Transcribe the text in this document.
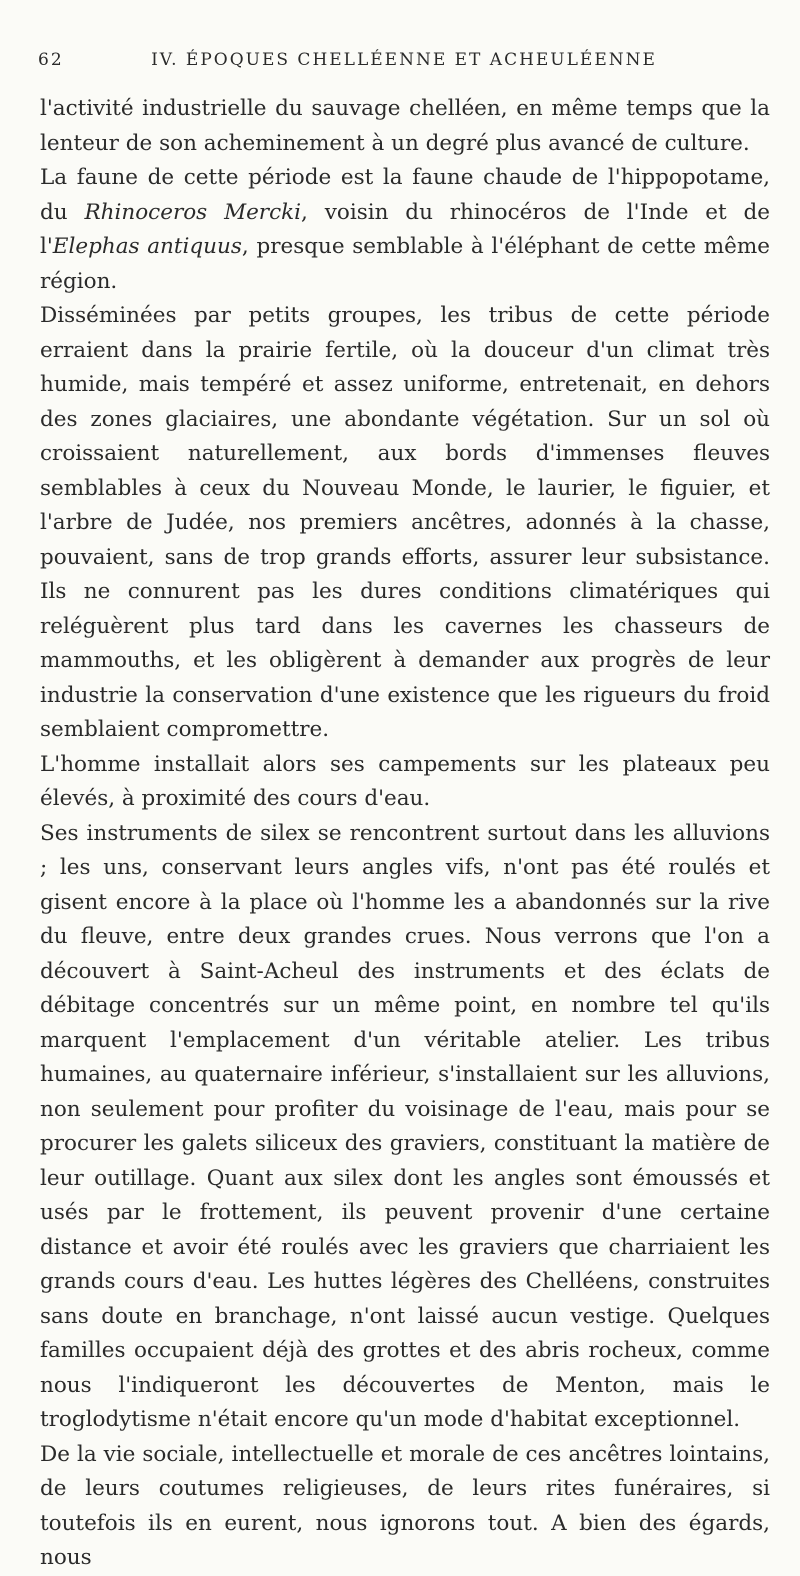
62	IV. ÉPOQUES CHELLÉENNE ET ACHEULÉENNE

l'activité industrielle du sauvage chelléen, en même temps que la lenteur de son acheminement à un degré plus avancé de culture.

La faune de cette période est la faune chaude de l'hippopotame, du Rhinoceros Mercki, voisin du rhinocéros de l'Inde et de l'Elephas antiquus, presque semblable à l'éléphant de cette même région.

Disséminées par petits groupes, les tribus de cette période erraient dans la prairie fertile, où la douceur d'un climat très humide, mais tempéré et assez uniforme, entretenait, en dehors des zones glaciaires, une abondante végétation. Sur un sol où croissaient naturellement, aux bords d'immenses fleuves semblables à ceux du Nouveau Monde, le laurier, le figuier, et l'arbre de Judée, nos premiers ancêtres, adonnés à la chasse, pouvaient, sans de trop grands efforts, assurer leur subsistance. Ils ne connurent pas les dures conditions climatériques qui reléguèrent plus tard dans les cavernes les chasseurs de mammouths, et les obligèrent à demander aux progrès de leur industrie la conservation d'une existence que les rigueurs du froid semblaient compromettre.

L'homme installait alors ses campements sur les plateaux peu élevés, à proximité des cours d'eau.

Ses instruments de silex se rencontrent surtout dans les alluvions ; les uns, conservant leurs angles vifs, n'ont pas été roulés et gisent encore à la place où l'homme les a abandonnés sur la rive du fleuve, entre deux grandes crues. Nous verrons que l'on a découvert à Saint-Acheul des instruments et des éclats de débitage concentrés sur un même point, en nombre tel qu'ils marquent l'emplacement d'un véritable atelier. Les tribus humaines, au quaternaire inférieur, s'installaient sur les alluvions, non seulement pour profiter du voisinage de l'eau, mais pour se procurer les galets siliceux des graviers, constituant la matière de leur outillage. Quant aux silex dont les angles sont émoussés et usés par le frottement, ils peuvent provenir d'une certaine distance et avoir été roulés avec les graviers que charriaient les grands cours d'eau. Les huttes légères des Chelléens, construites sans doute en branchage, n'ont laissé aucun vestige. Quelques familles occupaient déjà des grottes et des abris rocheux, comme nous l'indiqueront les découvertes de Menton, mais le troglodytisme n'était encore qu'un mode d'habitat exceptionnel.

De la vie sociale, intellectuelle et morale de ces ancêtres lointains, de leurs coutumes religieuses, de leurs rites funéraires, si toutefois ils en eurent, nous ignorons tout. A bien des égards, nous
